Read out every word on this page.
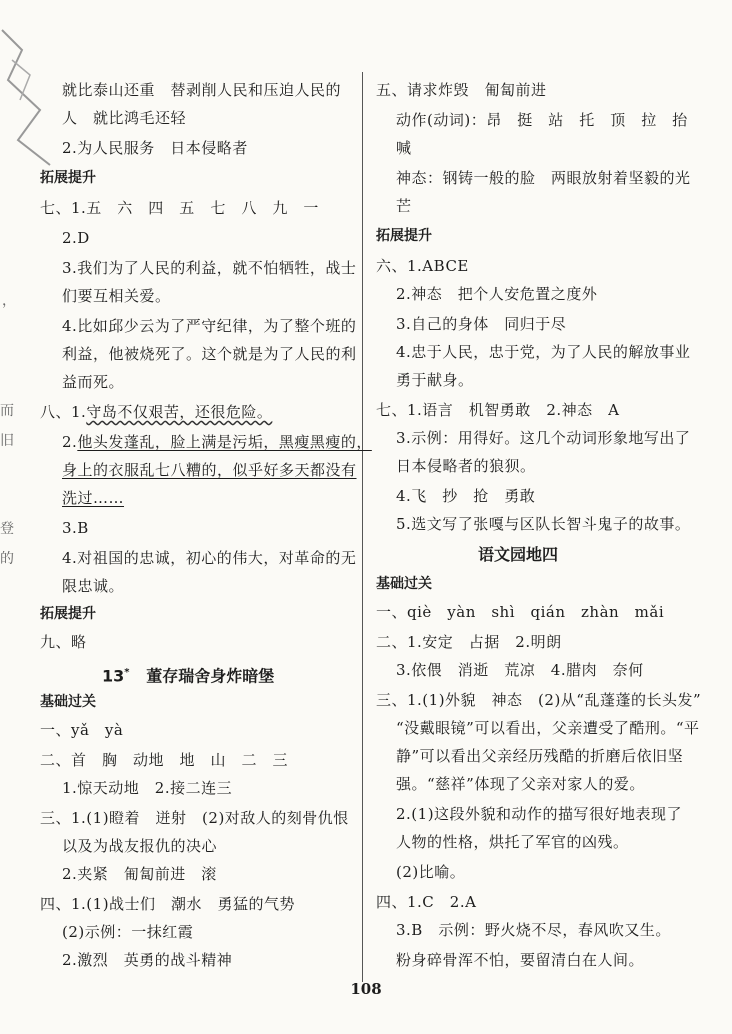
，
而
旧
登
的
就比泰山还重　替剥削人民和压迫人民的
人　就比鸿毛还轻
2.为人民服务　日本侵略者
拓展提升
七、1.五　六　四　五　七　八　九　一
2.D
3.我们为了人民的利益，就不怕牺牲，战士
们要互相关爱。
4.比如邱少云为了严守纪律，为了整个班的
利益，他被烧死了。这个就是为了人民的利
益而死。
八、1.守岛不仅艰苦，还很危险。
2.他头发蓬乱，脸上满是污垢，黑瘦黑瘦的，
身上的衣服乱七八糟的，似乎好多天都没有
洗过……
3.B
4.对祖国的忠诚，初心的伟大，对革命的无
限忠诚。
拓展提升
九、略
13* 董存瑞舍身炸暗堡
基础过关
一、yǎ　yà
二、首　胸　动地　地　山　二　三
1.惊天动地　2.接二连三
三、1.(1)瞪着　迸射　(2)对敌人的刻骨仇恨
以及为战友报仇的决心
2.夹紧　匍匐前进　滚
四、1.(1)战士们　潮水　勇猛的气势
(2)示例：一抹红霞
2.激烈　英勇的战斗精神
五、请求炸毁　匍匐前进
动作(动词)：昂　挺　站　托　顶　拉　抬
喊
神态：钢铸一般的脸　两眼放射着坚毅的光
芒
拓展提升
六、1.ABCE
2.神态　把个人安危置之度外
3.自己的身体　同归于尽
4.忠于人民，忠于党，为了人民的解放事业
勇于献身。
七、1.语言　机智勇敢　2.神态　A
3.示例：用得好。这几个动词形象地写出了
日本侵略者的狼狈。
4.飞　抄　抢　勇敢
5.选文写了张嘎与区队长智斗鬼子的故事。
语文园地四
基础过关
一、qiè　yàn　shì　qián　zhàn　mǎi
二、1.安定　占据　2.明朗
3.依偎　消逝　荒凉　4.腊肉　奈何
三、1.(1)外貌　神态　(2)从“乱蓬蓬的长头发”
“没戴眼镜”可以看出，父亲遭受了酷刑。“平
静”可以看出父亲经历残酷的折磨后依旧坚
强。“慈祥”体现了父亲对家人的爱。
2.(1)这段外貌和动作的描写很好地表现了
人物的性格，烘托了军官的凶残。
(2)比喻。
四、1.C　2.A
3.B　示例：野火烧不尽，春风吹又生。
粉身碎骨浑不怕，要留清白在人间。
108
